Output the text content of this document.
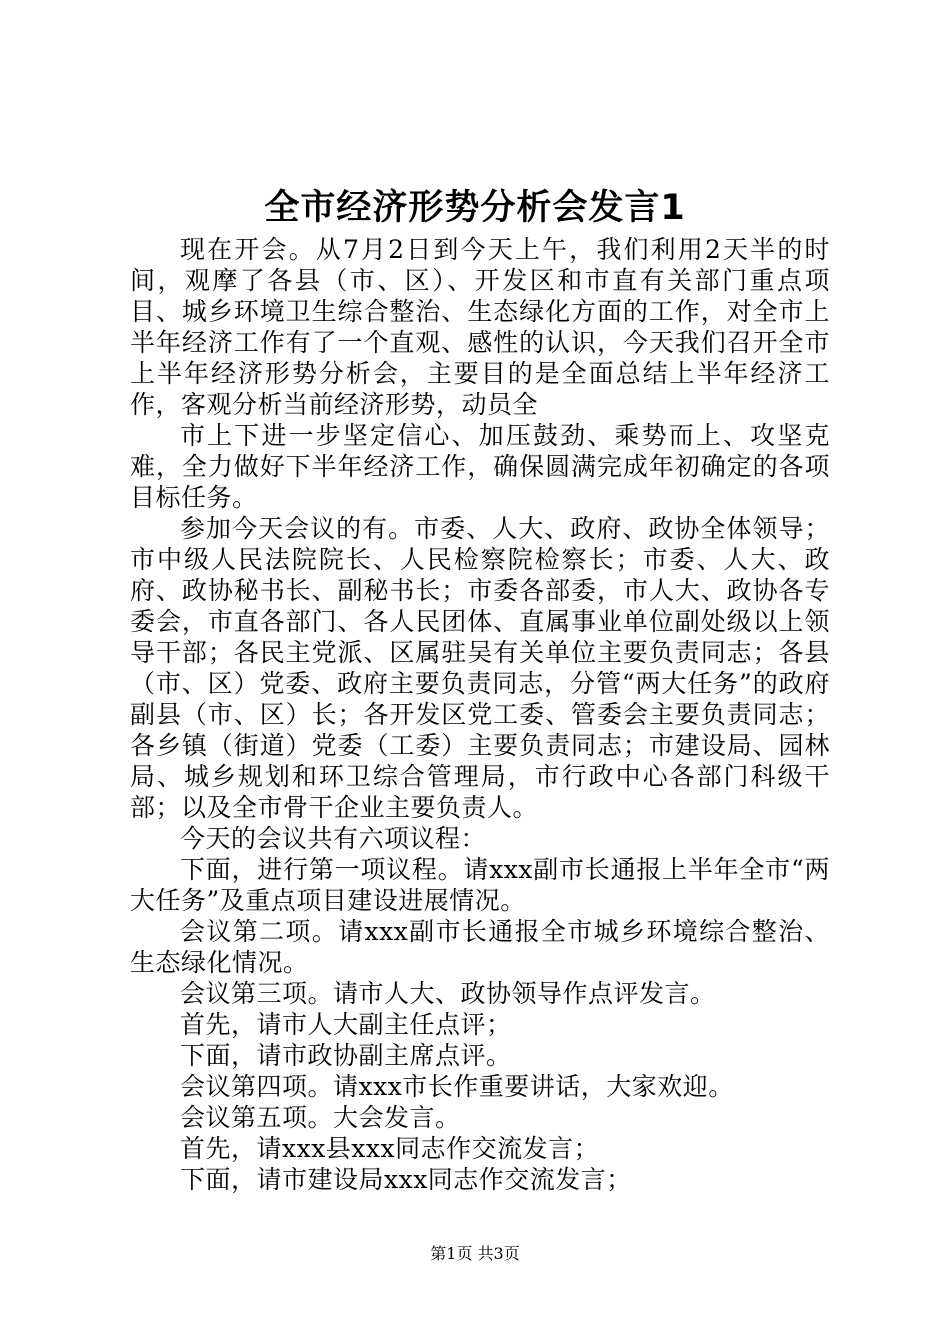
全市经济形势分析会发言1

现在开会。从7月2日到今天上午，我们利用2天半的时间，观摩了各县（市、区）、开发区和市直有关部门重点项目、城乡环境卫生综合整治、生态绿化方面的工作，对全市上半年经济工作有了一个直观、感性的认识，今天我们召开全市上半年经济形势分析会，主要目的是全面总结上半年经济工作，客观分析当前经济形势，动员全

市上下进一步坚定信心、加压鼓劲、乘势而上、攻坚克难，全力做好下半年经济工作，确保圆满完成年初确定的各项目标任务。

参加今天会议的有。市委、人大、政府、政协全体领导；市中级人民法院院长、人民检察院检察长；市委、人大、政府、政协秘书长、副秘书长；市委各部委，市人大、政协各专委会，市直各部门、各人民团体、直属事业单位副处级以上领导干部；各民主党派、区属驻吴有关单位主要负责同志；各县（市、区）党委、政府主要负责同志，分管“两大任务”的政府副县（市、区）长；各开发区党工委、管委会主要负责同志；各乡镇（街道）党委（工委）主要负责同志；市建设局、园林局、城乡规划和环卫综合管理局，市行政中心各部门科级干部；以及全市骨干企业主要负责人。

今天的会议共有六项议程：

下面，进行第一项议程。请xxx副市长通报上半年全市“两大任务”及重点项目建设进展情况。

会议第二项。请xxx副市长通报全市城乡环境综合整治、生态绿化情况。

会议第三项。请市人大、政协领导作点评发言。

首先，请市人大副主任点评；

下面，请市政协副主席点评。

会议第四项。请xxx市长作重要讲话，大家欢迎。

会议第五项。大会发言。

首先，请xxx县xxx同志作交流发言；

下面，请市建设局xxx同志作交流发言；

第1页 共3页
